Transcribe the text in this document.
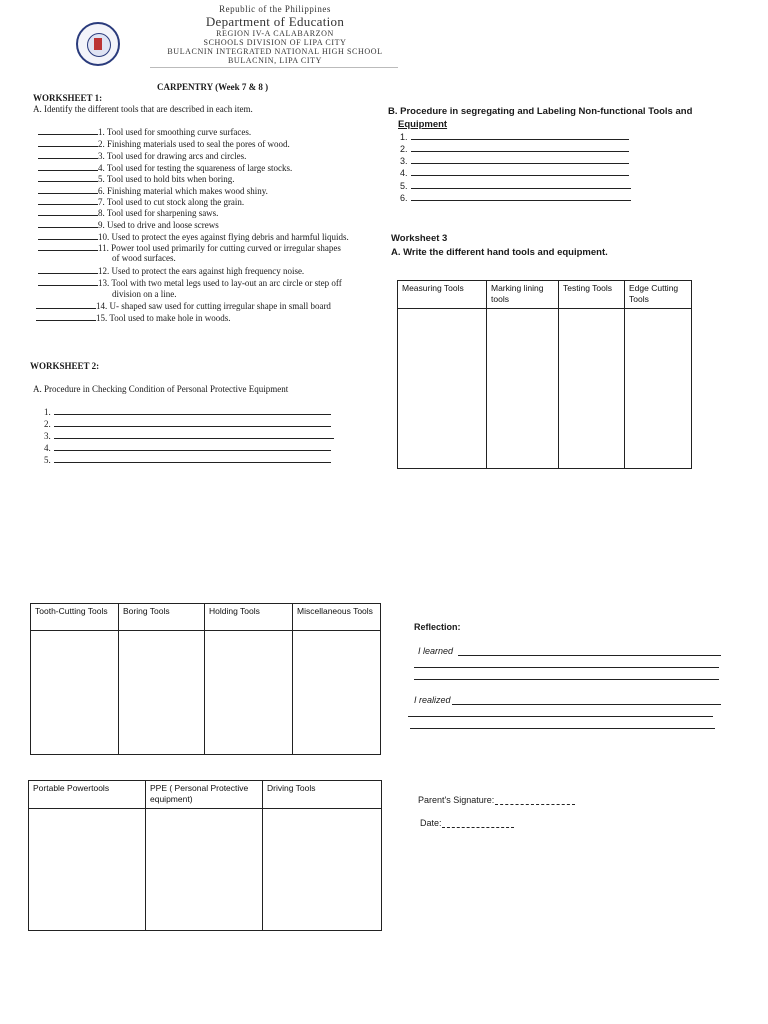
Republic of the Philippines
Department of Education
REGION IV-A CALABARZON
SCHOOLS DIVISION OF LIPA CITY
BULACNIN INTEGRATED NATIONAL HIGH SCHOOL
BULACNIN, LIPA CITY
CARPENTRY (Week 7 & 8 )
WORKSHEET 1:
A. Identify the different tools that are described in each item.
1. Tool used for smoothing curve surfaces.
2. Finishing materials used to seal the pores of wood.
3. Tool used for drawing arcs and circles.
4. Tool used for testing the squareness of large stocks.
5. Tool used to hold bits when boring.
6. Finishing material which makes wood shiny.
7. Tool used to cut stock along the grain.
8. Tool used for sharpening saws.
9. Used to drive and loose screws
10. Used to protect the eyes against flying debris and harmful liquids.
11. Power tool used primarily for cutting curved or irregular shapes
12. Used to protect the ears against high frequency noise.
13. Tool with two metal legs used to lay-out an arc circle or step off
14. U- shaped saw used for cutting irregular shape in small board
15. Tool used to make hole in woods.
of wood surfaces.
division on a line.
WORKSHEET 2:
A. Procedure in Checking Condition of Personal Protective Equipment
1.
2.
3.
4.
5.
B. Procedure in segregating and Labeling Non-functional Tools and
Equipment
1.
2.
3.
4.
5.
6.
Worksheet 3
A. Write the different hand tools and equipment.
Measuring Tools	Marking lining tools	Testing Tools	Edge Cutting Tools

Tooth-Cutting Tools	Boring Tools	Holding Tools	Miscellaneous Tools

Portable Powertools	PPE ( Personal Protective equipment)	Driving Tools

Reflection:
I learned
I realized
Parent's Signature:
Date:
